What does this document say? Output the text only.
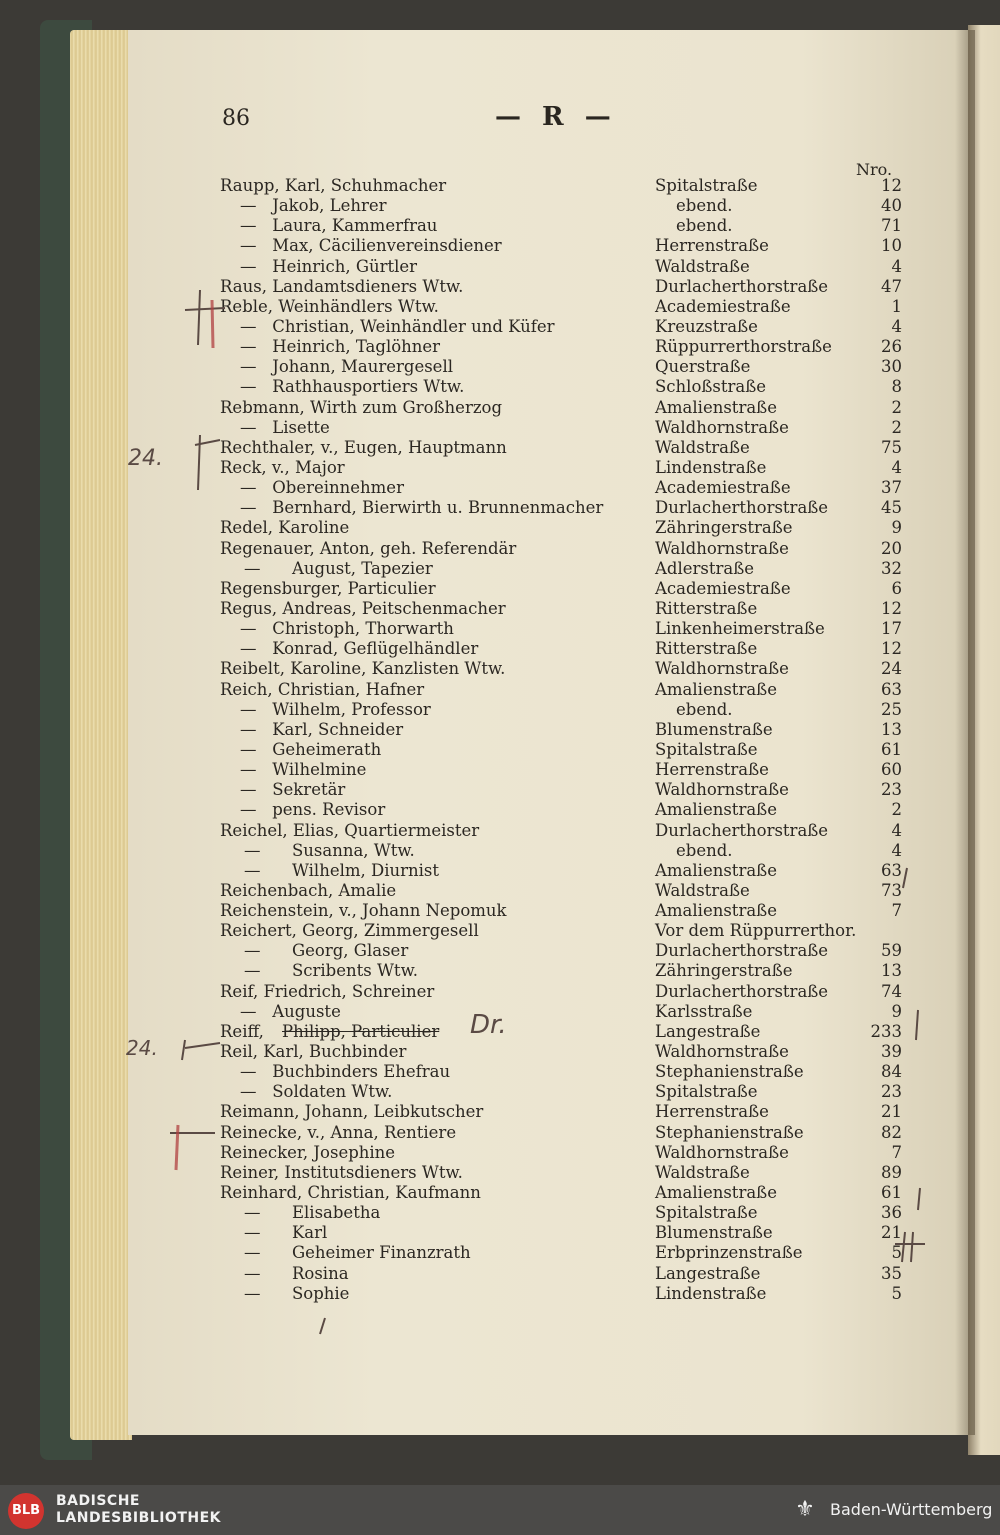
86	— R —
Nro.
Raupp, Karl, Schuhmacher	Spitalstraße	12
—   Jakob, Lehrer	ebend.	40
—   Laura, Kammerfrau	ebend.	71
—   Max, Cäcilienvereinsdiener	Herrenstraße	10
—   Heinrich, Gürtler	Waldstraße	4
Raus, Landamtsdieners Wtw.	Durlacherthorstraße	47
Reble, Weinhändlers Wtw.	Academiestraße	1
—   Christian, Weinhändler und Küfer	Kreuzstraße	4
—   Heinrich, Taglöhner	Rüppurrerthorstraße	26
—   Johann, Maurergesell	Querstraße	30
—   Rathhausportiers Wtw.	Schloßstraße	8
Rebmann, Wirth zum Großherzog	Amalienstraße	2
—   Lisette	Waldhornstraße	2
Rechthaler, v., Eugen, Hauptmann	Waldstraße	75
Reck, v., Major	Lindenstraße	4
—   Obereinnehmer	Academiestraße	37
—   Bernhard, Bierwirth u. Brunnenmacher	Durlacherthorstraße	45
Redel, Karoline	Zähringerstraße	9
Regenauer, Anton, geh. Referendär	Waldhornstraße	20
—      August, Tapezier	Adlerstraße	32
Regensburger, Particulier	Academiestraße	6
Regus, Andreas, Peitschenmacher	Ritterstraße	12
—   Christoph, Thorwarth	Linkenheimerstraße	17
—   Konrad, Geflügelhändler	Ritterstraße	12
Reibelt, Karoline, Kanzlisten Wtw.	Waldhornstraße	24
Reich, Christian, Hafner	Amalienstraße	63
—   Wilhelm, Professor	ebend.	25
—   Karl, Schneider	Blumenstraße	13
—   Geheimerath	Spitalstraße	61
—   Wilhelmine	Herrenstraße	60
—   Sekretär	Waldhornstraße	23
—   pens. Revisor	Amalienstraße	2
Reichel, Elias, Quartiermeister	Durlacherthorstraße	4
—      Susanna, Wtw.	ebend.	4
—      Wilhelm, Diurnist	Amalienstraße	63
Reichenbach, Amalie	Waldstraße	73
Reichenstein, v., Johann Nepomuk	Amalienstraße	7
Reichert, Georg, Zimmergesell	Vor dem Rüppurrerthor.
—      Georg, Glaser	Durlacherthorstraße	59
—      Scribents Wtw.	Zähringerstraße	13
Reif, Friedrich, Schreiner	Durlacherthorstraße	74
—   Auguste	Karlsstraße	9
Reiff, Philipp, Particulier	Langestraße	233
Reil, Karl, Buchbinder	Waldhornstraße	39
—   Buchbinders Ehefrau	Stephanienstraße	84
—   Soldaten Wtw.	Spitalstraße	23
Reimann, Johann, Leibkutscher	Herrenstraße	21
Reinecke, v., Anna, Rentiere	Stephanienstraße	82
Reinecker, Josephine	Waldhornstraße	7
Reiner, Institutsdieners Wtw.	Waldstraße	89
Reinhard, Christian, Kaufmann	Amalienstraße	61
—      Elisabetha	Spitalstraße	36
—      Karl	Blumenstraße	21
—      Geheimer Finanzrath	Erbprinzenstraße	5
—      Rosina	Langestraße	35
—      Sophie	Lindenstraße	5
24.
Dr.
24.
BLB
BADISCHE
LANDESBIBLIOTHEK	⚜ Baden-Württemberg
